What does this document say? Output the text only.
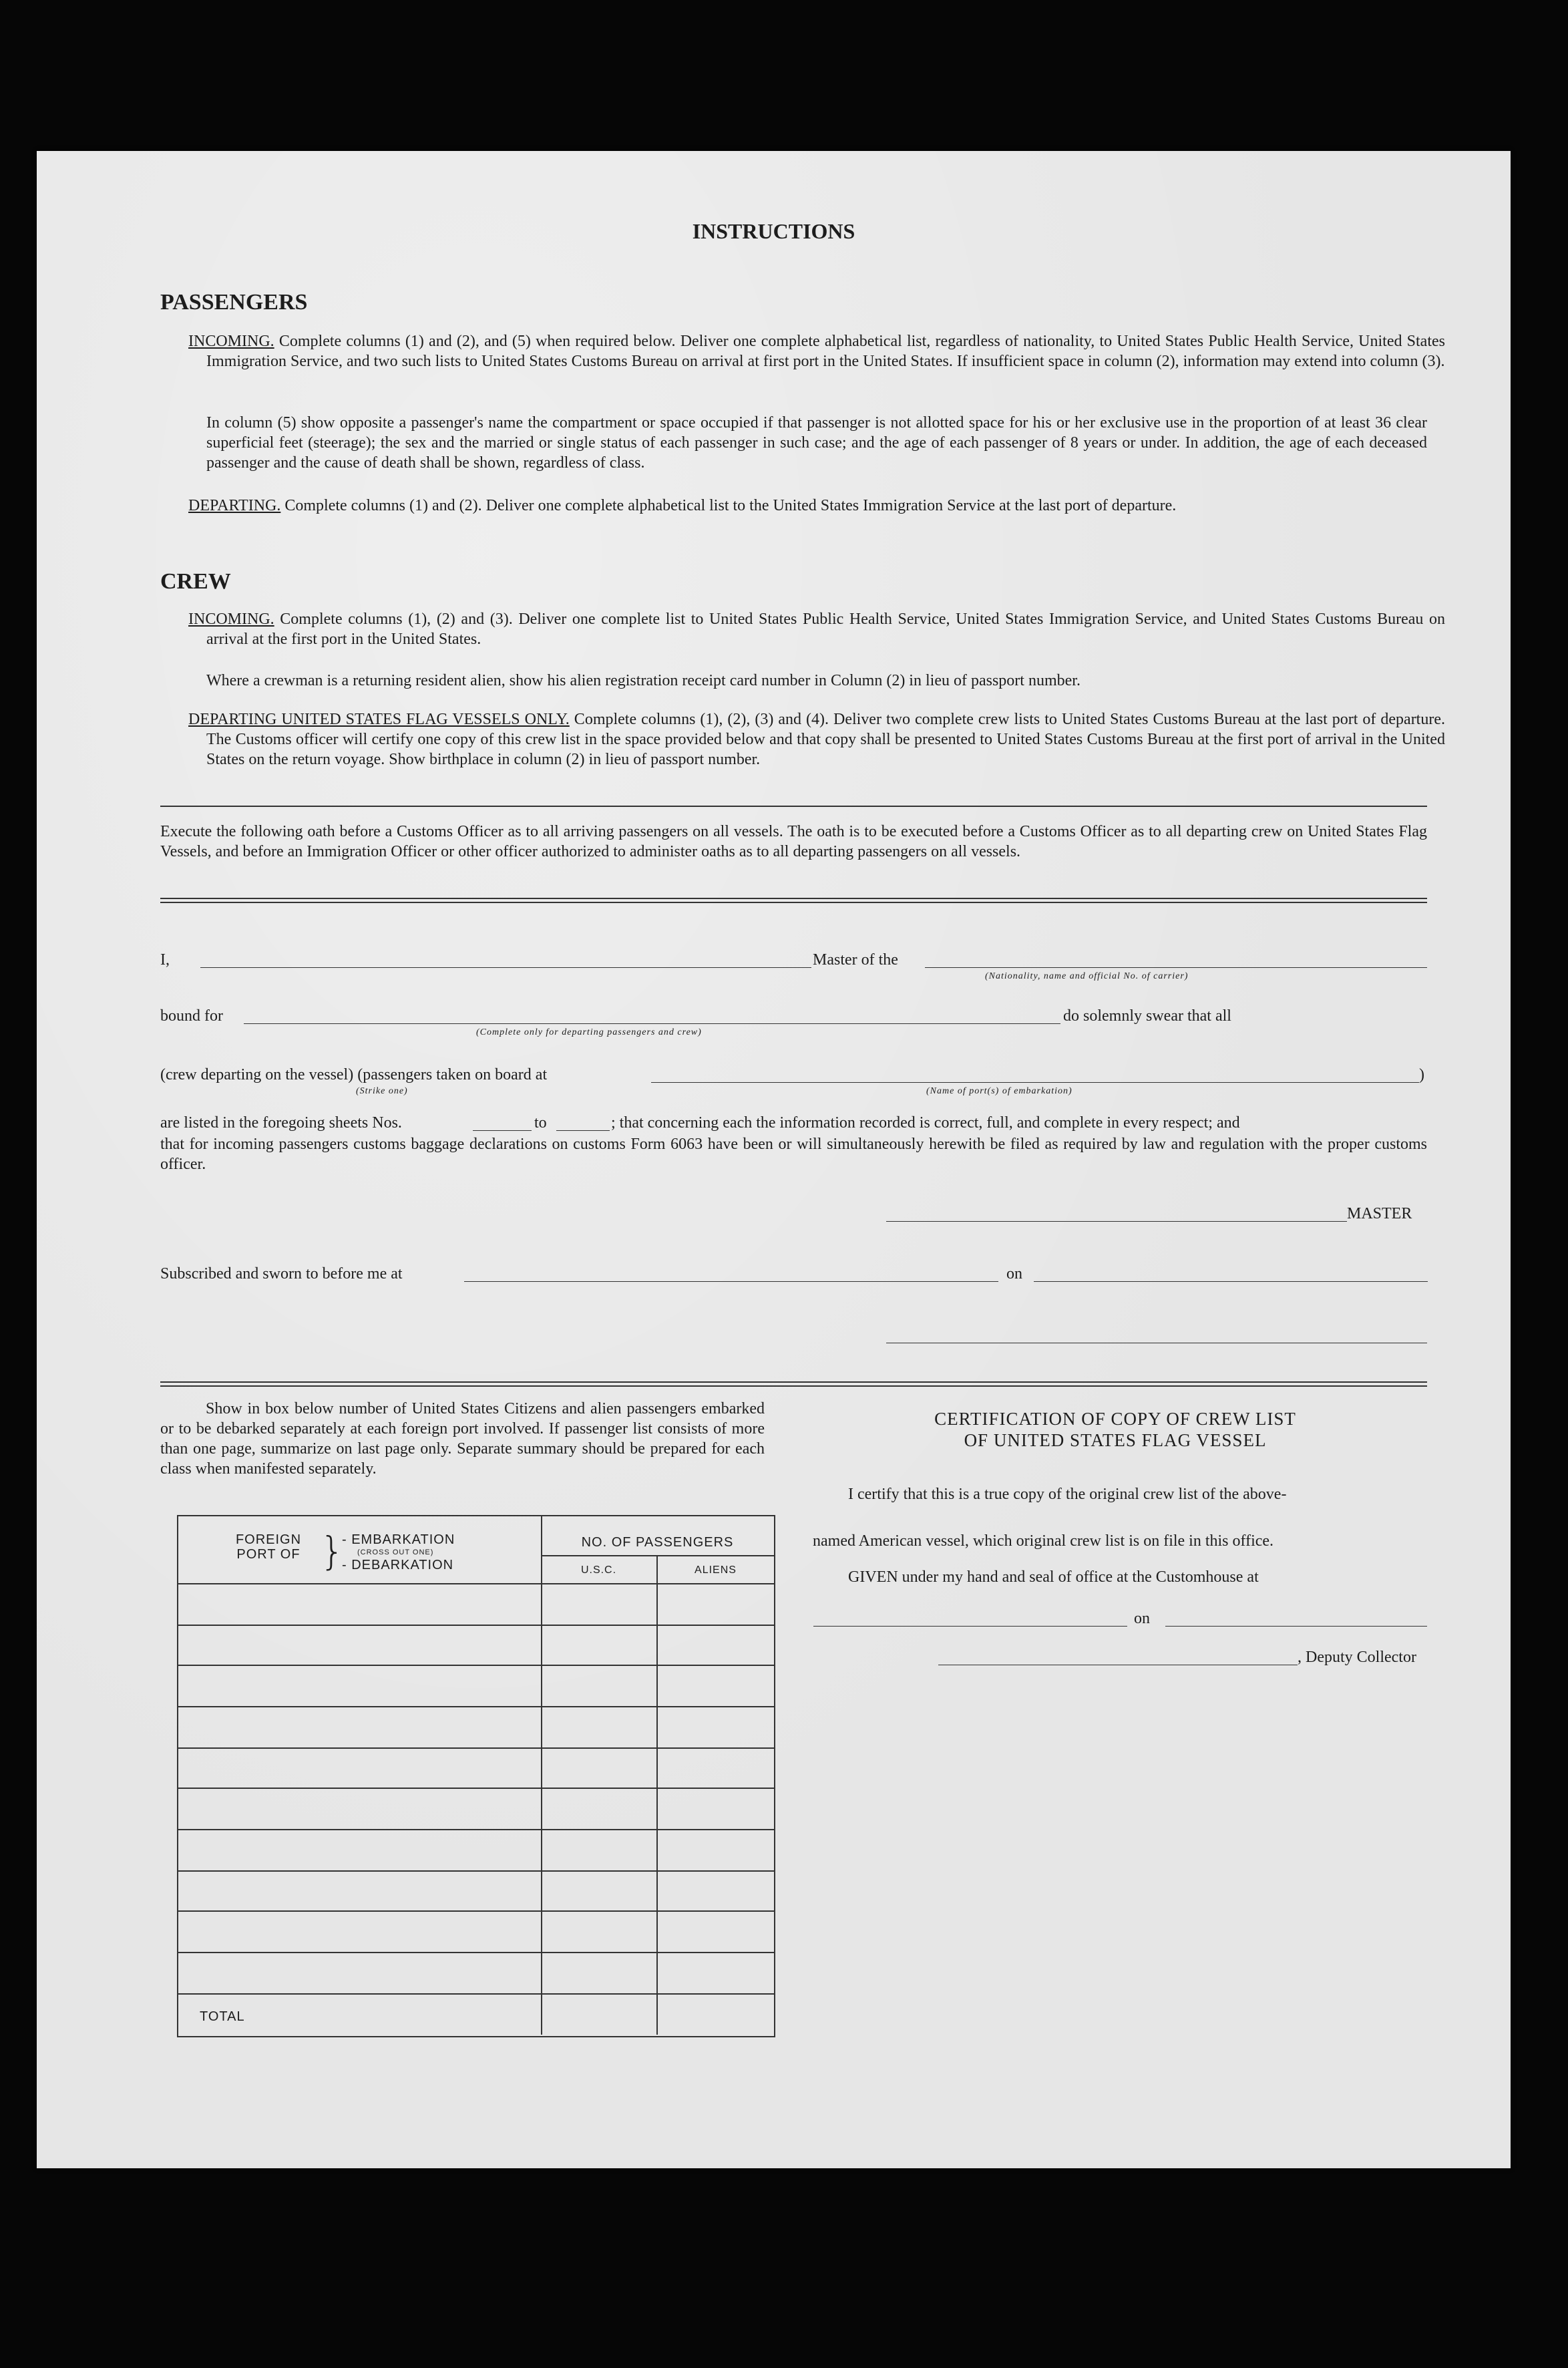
INSTRUCTIONS
PASSENGERS
INCOMING. Complete columns (1) and (2), and (5) when required below. Deliver one complete alphabetical list, regardless of nationality, to United States Public Health Service, United States Immigration Service, and two such lists to United States Customs Bureau on arrival at first port in the United States. If insufficient space in column (2), information may extend into column (3).
In column (5) show opposite a passenger's name the compartment or space occupied if that passenger is not allotted space for his or her exclusive use in the proportion of at least 36 clear superficial feet (steerage); the sex and the married or single status of each passenger in such case; and the age of each passenger of 8 years or under. In addition, the age of each deceased passenger and the cause of death shall be shown, regardless of class.
DEPARTING. Complete columns (1) and (2). Deliver one complete alphabetical list to the United States Immigration Service at the last port of departure.
CREW
INCOMING. Complete columns (1), (2) and (3). Deliver one complete list to United States Public Health Service, United States Immigration Service, and United States Customs Bureau on arrival at the first port in the United States.
Where a crewman is a returning resident alien, show his alien registration receipt card number in Column (2) in lieu of passport number.
DEPARTING UNITED STATES FLAG VESSELS ONLY. Complete columns (1), (2), (3) and (4). Deliver two complete crew lists to United States Customs Bureau at the last port of departure. The Customs officer will certify one copy of this crew list in the space provided below and that copy shall be presented to United States Customs Bureau at the first port of arrival in the United States on the return voyage. Show birthplace in column (2) in lieu of passport number.
Execute the following oath before a Customs Officer as to all arriving passengers on all vessels. The oath is to be executed before a Customs Officer as to all departing crew on United States Flag Vessels, and before an Immigration Officer or other officer authorized to administer oaths as to all departing passengers on all vessels.
I,	Master of the
(Nationality, name and official No. of carrier)
bound for	do solemnly swear that all
(Complete only for departing passengers and crew)
(crew departing on the vessel) (passengers taken on board at	)
(Strike one)	(Name of port(s) of embarkation)
are listed in the foregoing sheets Nos.	to	; that concerning each the information recorded is correct, full, and complete in every respect; and
that for incoming passengers customs baggage declarations on customs Form 6063 have been or will simultaneously herewith be filed as required by law and regulation with the proper customs officer.
MASTER
Subscribed and sworn to before me at	on
Show in box below number of United States Citizens and alien passengers embarked or to be debarked separately at each foreign port involved. If passenger list consists of more than one page, summarize on last page only. Separate summary should be prepared for each class when manifested separately.
FOREIGN PORT OF }
- EMBARKATION
(CROSS OUT ONE)
- DEBARKATION
NO. OF PASSENGERS
U.S.C.	ALIENS
TOTAL
CERTIFICATION OF COPY OF CREW LIST
OF UNITED STATES FLAG VESSEL
I certify that this is a true copy of the original crew list of the above-
named American vessel, which original crew list is on file in this office.
GIVEN under my hand and seal of office at the Customhouse at
on
, Deputy Collector
